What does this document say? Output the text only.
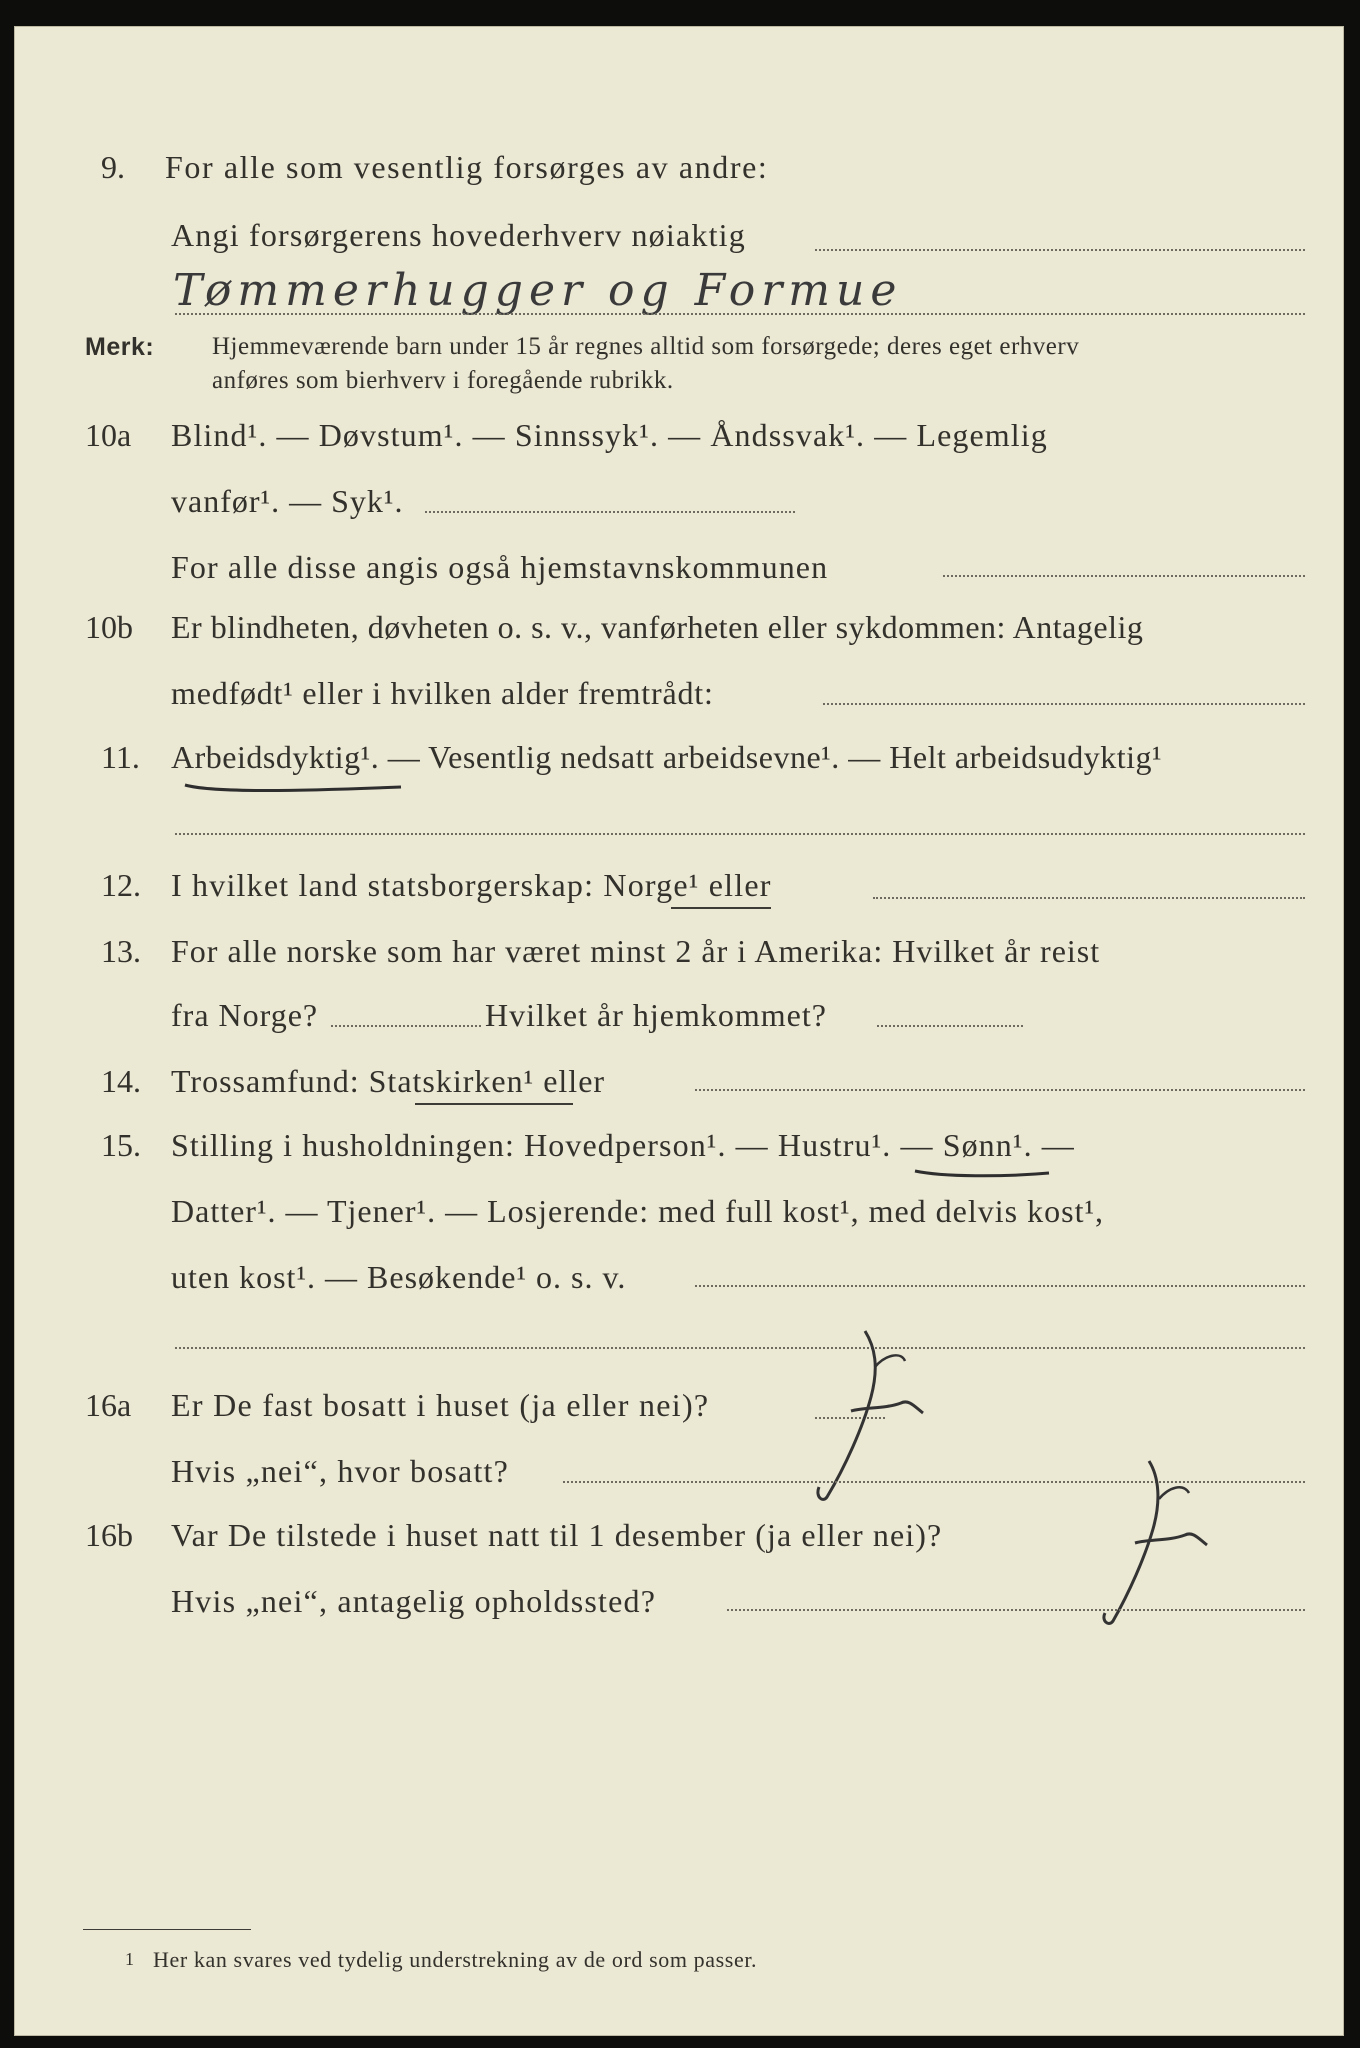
9. For alle som vesentlig forsørges av andre:
Angi forsørgerens hovederhverv nøiaktig
Tømmerhugger og Formue
Merk: Hjemmeværende barn under 15 år regnes alltid som forsørgede; deres eget erhverv
anføres som bierhverv i foregående rubrikk.
10a Blind¹. — Døvstum¹. — Sinnssyk¹. — Åndssvak¹. — Legemlig
vanfør¹. — Syk¹.
For alle disse angis også hjemstavnskommunen
10b Er blindheten, døvheten o. s. v., vanførheten eller sykdommen: Antagelig
medfødt¹ eller i hvilken alder fremtrådt:
11. Arbeidsdyktig¹. — Vesentlig nedsatt arbeidsevne¹. — Helt arbeidsudyktig¹
12. I hvilket land statsborgerskap: Norge¹ eller
13. For alle norske som har været minst 2 år i Amerika: Hvilket år reist
fra Norge?	Hvilket år hjemkommet?
14. Trossamfund: Statskirken¹ eller
15. Stilling i husholdningen: Hovedperson¹. — Hustru¹. — Sønn¹. —
Datter¹. — Tjener¹. — Losjerende: med full kost¹, med delvis kost¹,
uten kost¹. — Besøkende¹ o. s. v.
16a Er De fast bosatt i huset (ja eller nei)?
Hvis „nei“, hvor bosatt?
16b Var De tilstede i huset natt til 1 desember (ja eller nei)?
Hvis „nei“, antagelig opholdssted?
1 Her kan svares ved tydelig understrekning av de ord som passer.
